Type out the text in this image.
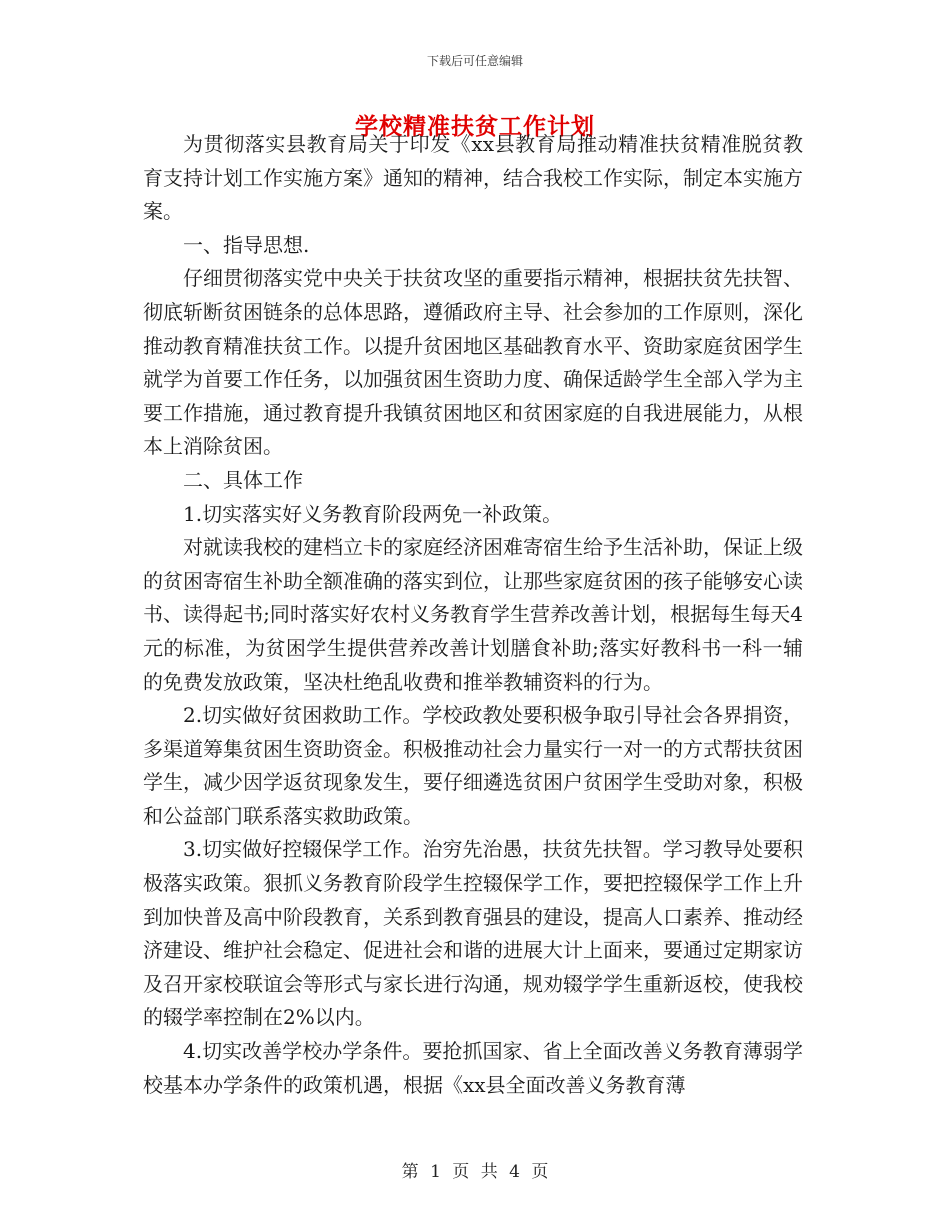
下载后可任意编辑
学校精准扶贫工作计划

为贯彻落实县教育局关于印发《xx县教育局推动精准扶贫精准脱贫教育支持计划工作实施方案》通知的精神，结合我校工作实际，制定本实施方案。

一、指导思想.

仔细贯彻落实党中央关于扶贫攻坚的重要指示精神，根据扶贫先扶智、彻底斩断贫困链条的总体思路，遵循政府主导、社会参加的工作原则，深化推动教育精准扶贫工作。以提升贫困地区基础教育水平、资助家庭贫困学生就学为首要工作任务，以加强贫困生资助力度、确保适龄学生全部入学为主要工作措施，通过教育提升我镇贫困地区和贫困家庭的自我进展能力，从根本上消除贫困。

二、具体工作

1.切实落实好义务教育阶段两免一补政策。

对就读我校的建档立卡的家庭经济困难寄宿生给予生活补助，保证上级的贫困寄宿生补助全额准确的落实到位，让那些家庭贫困的孩子能够安心读书、读得起书;同时落实好农村义务教育学生营养改善计划，根据每生每天4元的标准，为贫困学生提供营养改善计划膳食补助;落实好教科书一科一辅的免费发放政策，坚决杜绝乱收费和推举教辅资料的行为。

2.切实做好贫困救助工作。学校政教处要积极争取引导社会各界捐资，多渠道筹集贫困生资助资金。积极推动社会力量实行一对一的方式帮扶贫困学生，减少因学返贫现象发生，要仔细遴选贫困户贫困学生受助对象，积极和公益部门联系落实救助政策。

3.切实做好控辍保学工作。治穷先治愚，扶贫先扶智。学习教导处要积极落实政策。狠抓义务教育阶段学生控辍保学工作，要把控辍保学工作上升到加快普及高中阶段教育，关系到教育强县的建设，提高人口素养、推动经济建设、维护社会稳定、促进社会和谐的进展大计上面来，要通过定期家访及召开家校联谊会等形式与家长进行沟通，规劝辍学学生重新返校，使我校的辍学率控制在2%以内。

4.切实改善学校办学条件。要抢抓国家、省上全面改善义务教育薄弱学校基本办学条件的政策机遇，根据《xx县全面改善义务教育薄

第 1 页 共 4 页
